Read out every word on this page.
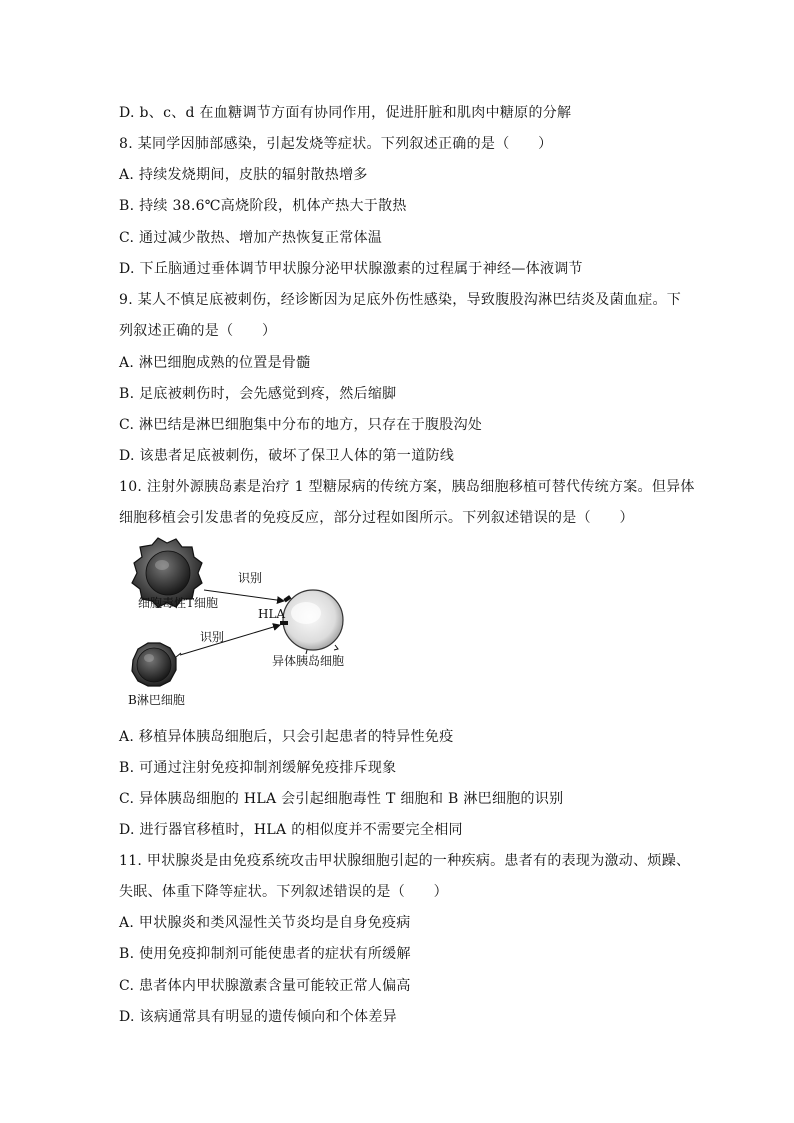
D. b、c、d 在血糖调节方面有协同作用，促进肝脏和肌肉中糖原的分解
8. 某同学因肺部感染，引起发烧等症状。下列叙述正确的是（　　）
A. 持续发烧期间，皮肤的辐射散热增多
B. 持续 38.6℃高烧阶段，机体产热大于散热
C. 通过减少散热、增加产热恢复正常体温
D. 下丘脑通过垂体调节甲状腺分泌甲状腺激素的过程属于神经—体液调节
9. 某人不慎足底被刺伤，经诊断因为足底外伤性感染，导致腹股沟淋巴结炎及菌血症。下
列叙述正确的是（　　）
A. 淋巴细胞成熟的位置是骨髓
B. 足底被刺伤时，会先感觉到疼，然后缩脚
C. 淋巴结是淋巴细胞集中分布的地方，只存在于腹股沟处
D. 该患者足底被刺伤，破坏了保卫人体的第一道防线
10. 注射外源胰岛素是治疗 1 型糖尿病的传统方案，胰岛细胞移植可替代传统方案。但异体
细胞移植会引发患者的免疫反应，部分过程如图所示。下列叙述错误的是（　　）
识别
识别
HLA
细胞毒性T细胞
异体胰岛细胞
B淋巴细胞
A. 移植异体胰岛细胞后，只会引起患者的特异性免疫
B. 可通过注射免疫抑制剂缓解免疫排斥现象
C. 异体胰岛细胞的 HLA 会引起细胞毒性 T 细胞和 B 淋巴细胞的识别
D. 进行器官移植时，HLA 的相似度并不需要完全相同
11. 甲状腺炎是由免疫系统攻击甲状腺细胞引起的一种疾病。患者有的表现为激动、烦躁、
失眠、体重下降等症状。下列叙述错误的是（　　）
A. 甲状腺炎和类风湿性关节炎均是自身免疫病
B. 使用免疫抑制剂可能使患者的症状有所缓解
C. 患者体内甲状腺激素含量可能较正常人偏高
D. 该病通常具有明显的遗传倾向和个体差异
